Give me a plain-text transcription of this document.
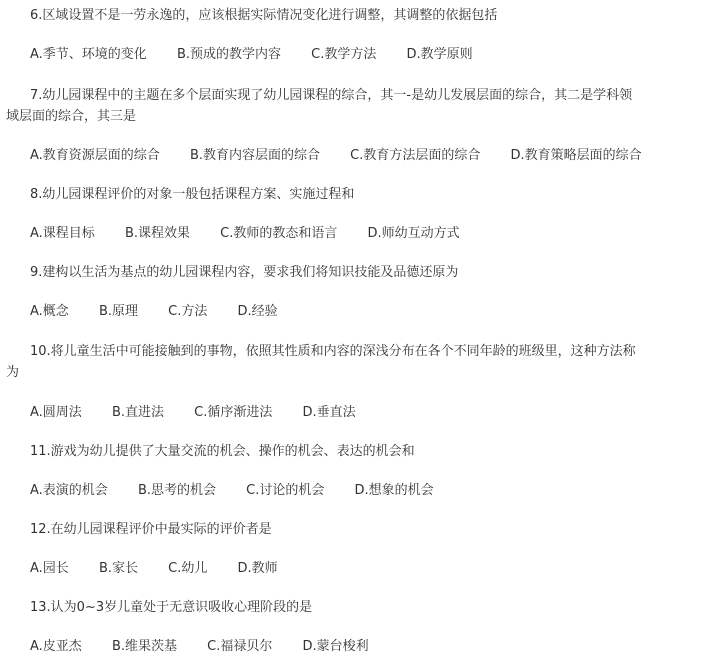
6.区域设置不是一劳永逸的，应该根据实际情况变化进行调整，其调整的依据包括
A.季节、环境的变化 B.预成的教学内容 C.教学方法 D.教学原则
7.幼儿园课程中的主题在多个层面实现了幼儿园课程的综合，其一-是幼儿发展层面的综合，其二是学科领
域层面的综合，其三是
A.教育资源层面的综合 B.教育内容层面的综合 C.教育方法层面的综合 D.教育策略层面的综合
8.幼儿园课程评价的对象一般包括课程方案、实施过程和
A.课程目标 B.课程效果 C.教师的教态和语言 D.师幼互动方式
9.建构以生活为基点的幼儿园课程内容，要求我们将知识技能及品德还原为
A.概念 B.原理 C.方法 D.经验
10.将儿童生活中可能接触到的事物，依照其性质和内容的深浅分布在各个不同年龄的班级里，这种方法称
为
A.圆周法 B.直进法 C.循序渐进法 D.垂直法
11.游戏为幼儿提供了大量交流的机会、操作的机会、表达的机会和
A.表演的机会 B.思考的机会 C.讨论的机会 D.想象的机会
12.在幼儿园课程评价中最实际的评价者是
A.园长 B.家长 C.幼儿 D.教师
13.认为0~3岁儿童处于无意识吸收心理阶段的是
A.皮亚杰 B.维果茨基 C.福禄贝尔 D.蒙台梭利
